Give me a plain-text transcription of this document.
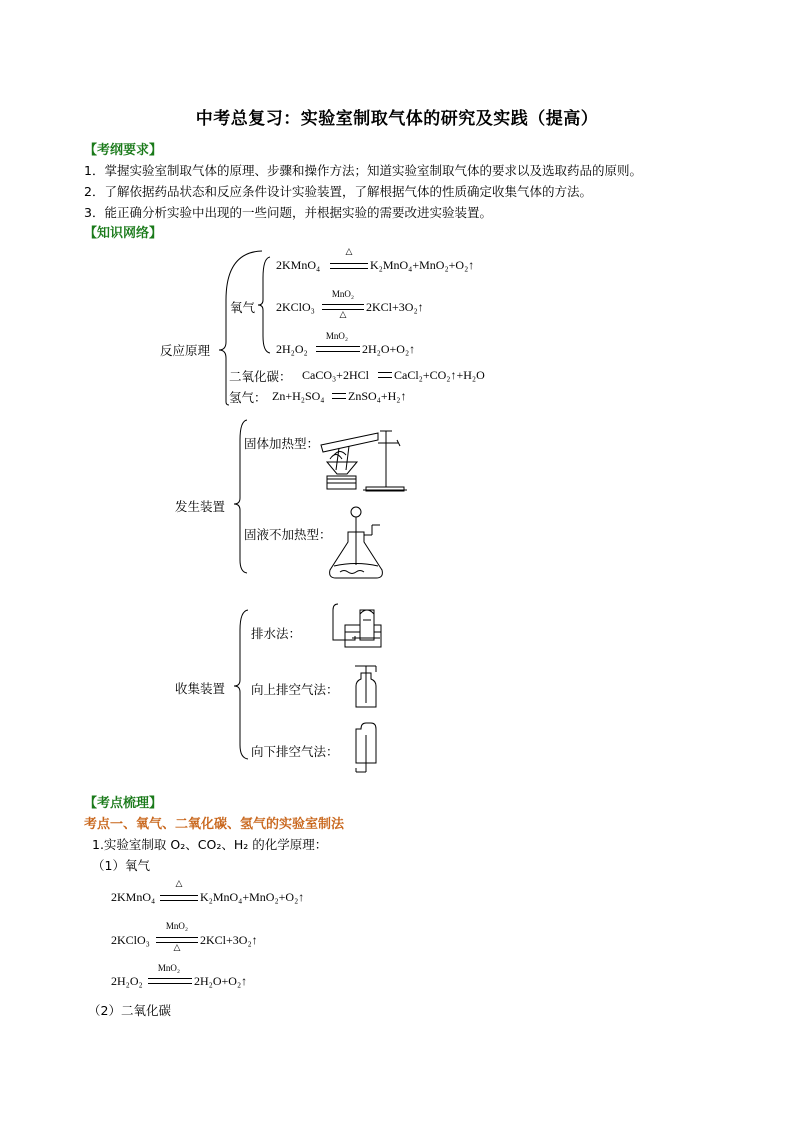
中考总复习：实验室制取气体的研究及实践（提高）
【考纲要求】
1．掌握实验室制取气体的原理、步骤和操作方法；知道实验室制取气体的要求以及选取药品的原则。
2．了解依据药品状态和反应条件设计实验装置，了解根据气体的性质确定收集气体的方法。
3．能正确分析实验中出现的一些问题，并根据实验的需要改进实验装置。
【知识网络】
反应原理
氧气
2KMnO₄
△
K₂MnO₄+MnO₂+O₂↑
2KClO₃
MnO₂
△	2KCl+3O₂↑
2H₂O₂
MnO₂
2H₂O+O₂↑
二氧化碳： CaCO₃+2HCl CaCl₂+CO₂↑+H₂O
氢气： Zn+H₂SO₄ ZnSO₄+H₂↑
发生装置
固体加热型：
固液不加热型：
收集装置
排水法：
向上排空气法：
向下排空气法：
【考点梳理】
考点一、氧气、二氧化碳、氢气的实验室制法
1.实验室制取 O₂、CO₂、H₂ 的化学原理：
（1）氧气
2KMnO₄
△
K₂MnO₄+MnO₂+O₂↑
2KClO₃
MnO₂
△	2KCl+3O₂↑
2H₂O₂
MnO₂
2H₂O+O₂↑
（2）二氧化碳
